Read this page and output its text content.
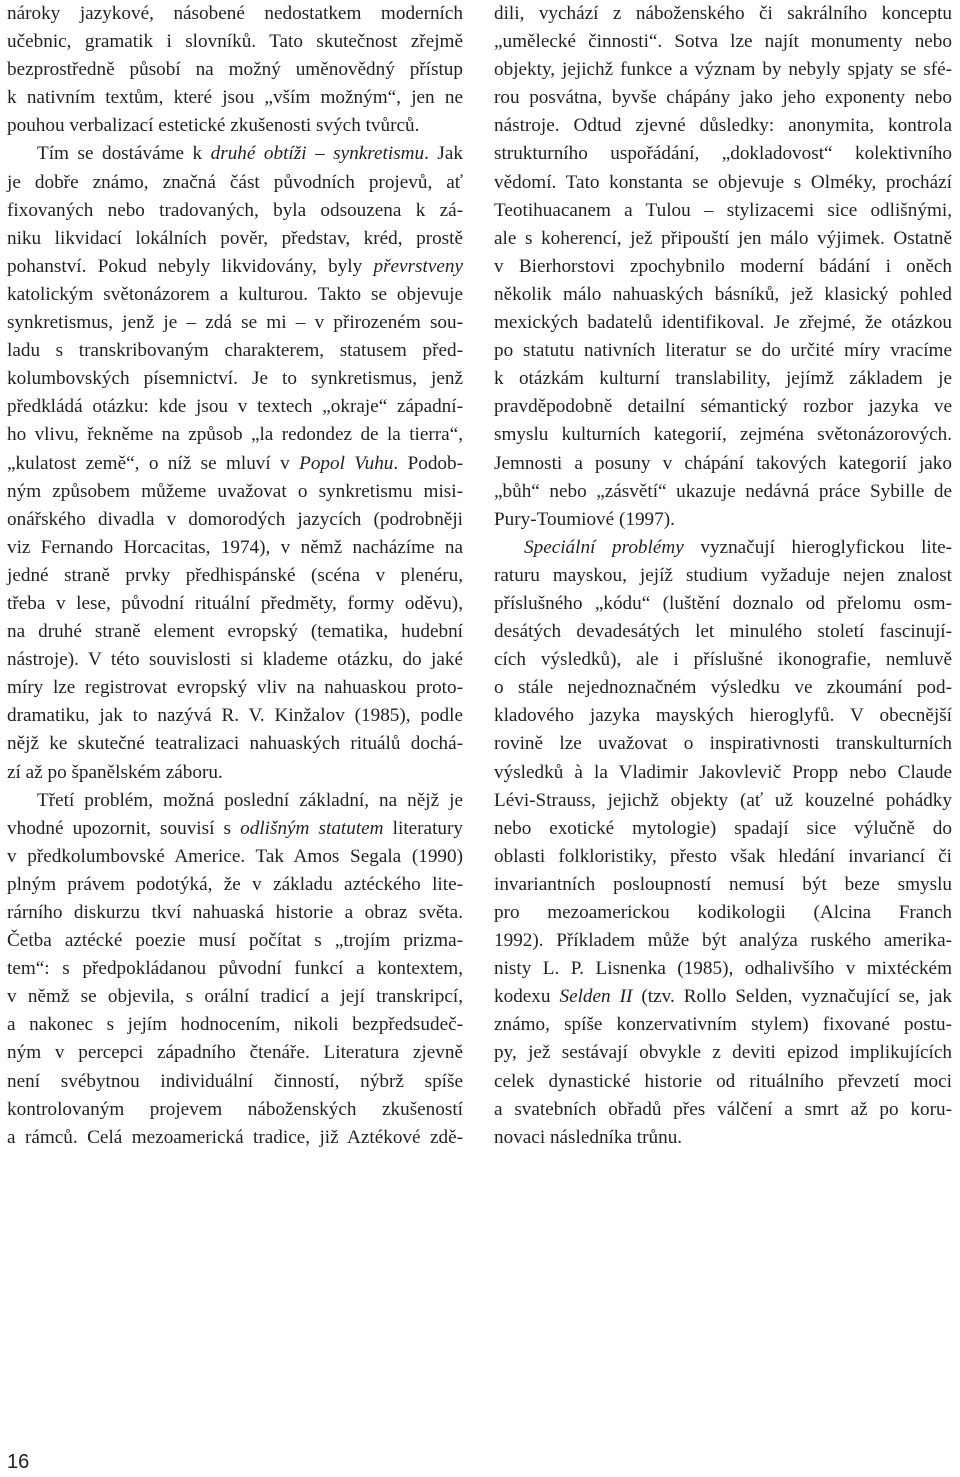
nároky jazykové, násobené nedostatkem moderních
učebnic, gramatik i slovníků. Tato skutečnost zřejmě
bezprostředně působí na možný uměnovědný přístup
k nativním textům, které jsou „vším možným“, jen ne
pouhou verbalizací estetické zkušenosti svých tvůrců.
Tím se dostáváme k druhé obtíži – synkretismu. Jak
je dobře známo, značná část původních projevů, ať
fixovaných nebo tradovaných, byla odsouzena k zá-
niku likvidací lokálních pověr, představ, kréd, prostě
pohanství. Pokud nebyly likvidovány, byly převrstveny
katolickým světonázorem a kulturou. Takto se objevuje
synkretismus, jenž je – zdá se mi – v přirozeném sou-
ladu s transkribovaným charakterem, statusem před-
kolumbovských písemnictví. Je to synkretismus, jenž
předkládá otázku: kde jsou v textech „okraje“ západní-
ho vlivu, řekněme na způsob „la redondez de la tierra“,
„kulatost země“, o níž se mluví v Popol Vuhu. Podob-
ným způsobem můžeme uvažovat o synkretismu misi-
onářského divadla v domorodých jazycích (podrobněji
viz Fernando Horcacitas, 1974), v němž nacházíme na
jedné straně prvky předhispánské (scéna v plenéru,
třeba v lese, původní rituální předměty, formy oděvu),
na druhé straně element evropský (tematika, hudební
nástroje). V této souvislosti si klademe otázku, do jaké
míry lze registrovat evropský vliv na nahuaskou proto-
dramatiku, jak to nazývá R. V. Kinžalov (1985), podle
nějž ke skutečné teatralizaci nahuaských rituálů dochá-
zí až po španělském záboru.
Třetí problém, možná poslední základní, na nějž je
vhodné upozornit, souvisí s odlišným statutem literatury
v předkolumbovské Americe. Tak Amos Segala (1990)
plným právem podotýká, že v základu aztéckého lite-
rárního diskurzu tkví nahuaská historie a obraz světa.
Četba aztécké poezie musí počítat s „trojím prizma-
tem“: s předpokládanou původní funkcí a kontextem,
v němž se objevila, s orální tradicí a její transkripcí,
a nakonec s jejím hodnocením, nikoli bezpředsudeč-
ným v percepci západního čtenáře. Literatura zjevně
není svébytnou individuální činností, nýbrž spíše
kontrolovaným projevem náboženských zkušeností
a rámců. Celá mezoamerická tradice, již Aztékové zdě-
dili, vychází z náboženského či sakrálního konceptu
„umělecké činnosti“. Sotva lze najít monumenty nebo
objekty, jejichž funkce a význam by nebyly spjaty se sfé-
rou posvátna, byvše chápány jako jeho exponenty nebo
nástroje. Odtud zjevné důsledky: anonymita, kontrola
strukturního uspořádání, „dokladovost“ kolektivního
vědomí. Tato konstanta se objevuje s Olméky, prochází
Teotihuacanem a Tulou – stylizacemi sice odlišnými,
ale s koherencí, jež připouští jen málo výjimek. Ostatně
v Bierhorstovi zpochybnilo moderní bádání i oněch
několik málo nahuaských básníků, jež klasický pohled
mexických badatelů identifikoval. Je zřejmé, že otázkou
po statutu nativních literatur se do určité míry vracíme
k otázkám kulturní translability, jejímž základem je
pravděpodobně detailní sémantický rozbor jazyka ve
smyslu kulturních kategorií, zejména světonázorových.
Jemnosti a posuny v chápání takových kategorií jako
„bůh“ nebo „zásvětí“ ukazuje nedávná práce Sybille de
Pury-Toumiové (1997).
Speciální problémy vyznačují hieroglyfickou lite-
raturu mayskou, jejíž studium vyžaduje nejen znalost
příslušného „kódu“ (luštění doznalo od přelomu osm-
desátých devadesátých let minulého století fascinují-
cích výsledků), ale i příslušné ikonografie, nemluvě
o stále nejednoznačném výsledku ve zkoumání pod-
kladového jazyka mayských hieroglyfů. V obecnější
rovině lze uvažovat o inspirativnosti transkulturních
výsledků à la Vladimir Jakovlevič Propp nebo Claude
Lévi-Strauss, jejichž objekty (ať už kouzelné pohádky
nebo exotické mytologie) spadají sice výlučně do
oblasti folkloristiky, přesto však hledání invariancí či
invariantních posloupností nemusí být beze smyslu
pro mezoamerickou kodikologii (Alcina Franch
1992). Příkladem může být analýza ruského amerika-
nisty L. P. Lisnenka (1985), odhalivšího v mixtéckém
kodexu Selden II (tzv. Rollo Selden, vyznačující se, jak
známo, spíše konzervativním stylem) fixované postu-
py, jež sestávají obvykle z deviti epizod implikujících
celek dynastické historie od rituálního převzetí moci
a svatebních obřadů přes válčení a smrt až po koru-
novaci následníka trůnu.
16
